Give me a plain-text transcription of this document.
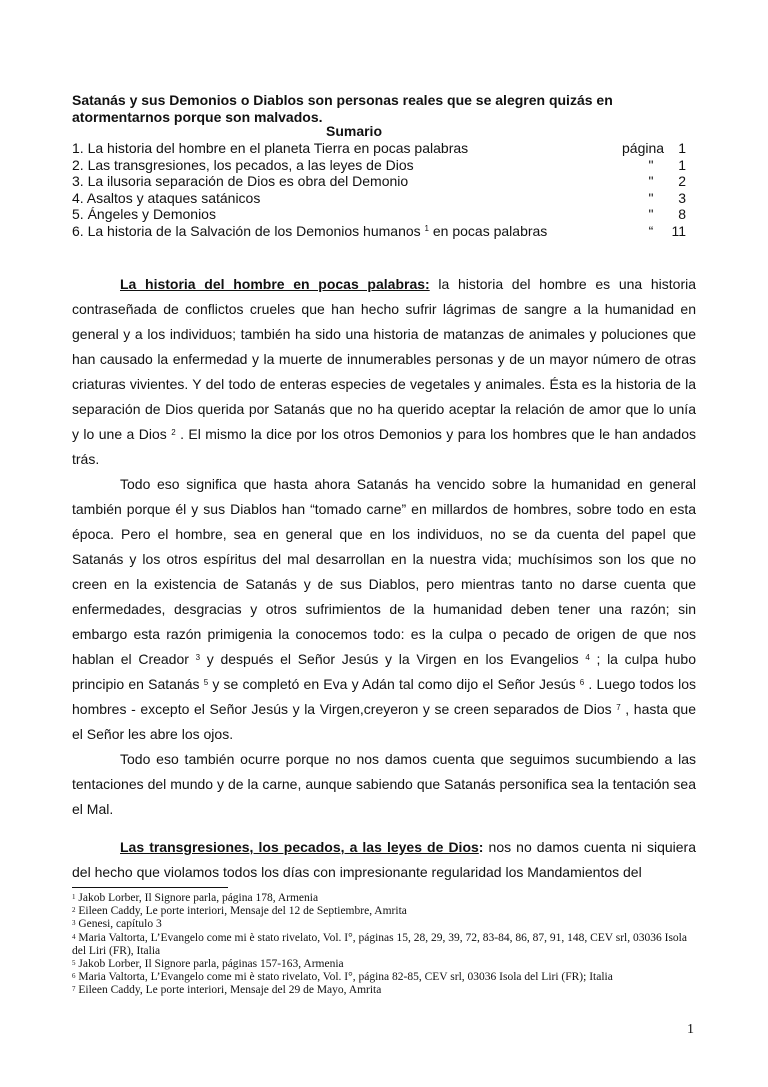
Satanás y sus Demonios o Diablos son personas reales que se alegren quizás en
atormentarnos porque son malvados.
Sumario
1. La historia del hombre en el planeta Tierra en pocas palabras	página 1
2. Las transgresiones, los pecados, a las leyes de Dios	" 1
3. La ilusoria separación de Dios es obra del Demonio	" 2
4. Asaltos y ataques satánicos	" 3
5. Ángeles y Demonios	" 8
6. La historia de la Salvación de los Demonios humanos $^1$ en pocas palabras	“ 11

La historia del hombre en pocas palabras: la historia del hombre es una historia contraseñada de conflictos crueles que han hecho sufrir lágrimas de sangre a la humanidad en general y a los individuos; también ha sido una historia de matanzas de animales y poluciones que han causado la enfermedad y la muerte de innumerables personas y de un mayor número de otras criaturas vivientes. Y del todo de enteras especies de vegetales y animales. Ésta es la historia de la separación de Dios querida por Satanás que no ha querido aceptar la relación de amor que lo unía y lo une a Dios $^2$ . El mismo la dice por los otros Demonios y para los hombres que le han andados trás.

Todo eso significa que hasta ahora Satanás ha vencido sobre la humanidad en general también porque él y sus Diablos han “tomado carne” en millardos de hombres, sobre todo en esta época. Pero el hombre, sea en general que en los individuos, no se da cuenta del papel que Satanás y los otros espíritus del mal desarrollan en la nuestra vida; muchísimos son los que no creen en la existencia de Satanás y de sus Diablos, pero mientras tanto no darse cuenta que enfermedades, desgracias y otros sufrimientos de la humanidad deben tener una razón; sin embargo esta razón primigenia la conocemos todo: es la culpa o pecado de origen de que nos hablan el Creador $^3$ y después el Señor Jesús y la Virgen en los Evangelios $^4$ ; la culpa hubo principio en Satanás $^5$ y se completó en Eva y Adán tal como dijo el Señor Jesús $^6$ . Luego todos los hombres - excepto el Señor Jesús y la Virgen,creyeron y se creen separados de Dios $^7$ , hasta que el Señor les abre los ojos.

Todo eso también ocurre porque no nos damos cuenta que seguimos sucumbiendo a las tentaciones del mundo y de la carne, aunque sabiendo que Satanás personifica sea la tentación sea el Mal.

Las transgresiones, los pecados, a las leyes de Dios: nos no damos cuenta ni siquiera del hecho que violamos todos los días con impresionante regularidad los Mandamientos del

$^1$ Jakob Lorber, Il Signore parla, página 178, Armenia
$^2$ Eileen Caddy, Le porte interiori, Mensaje del 12 de Septiembre, Amrita
$^3$ Genesi, capítulo 3
$^4$ Maria Valtorta, L’Evangelo come mi è stato rivelato, Vol. I°, páginas 15, 28, 29, 39, 72, 83-84, 86, 87, 91, 148, CEV srl, 03036 Isola del Liri (FR), Italia
$^5$ Jakob Lorber, Il Signore parla, páginas 157-163, Armenia
$^6$ Maria Valtorta, L’Evangelo come mi è stato rivelato, Vol. I°, página 82-85, CEV srl, 03036 Isola del Liri (FR); Italia
$^7$ Eileen Caddy, Le porte interiori, Mensaje del 29 de Mayo, Amrita
1
